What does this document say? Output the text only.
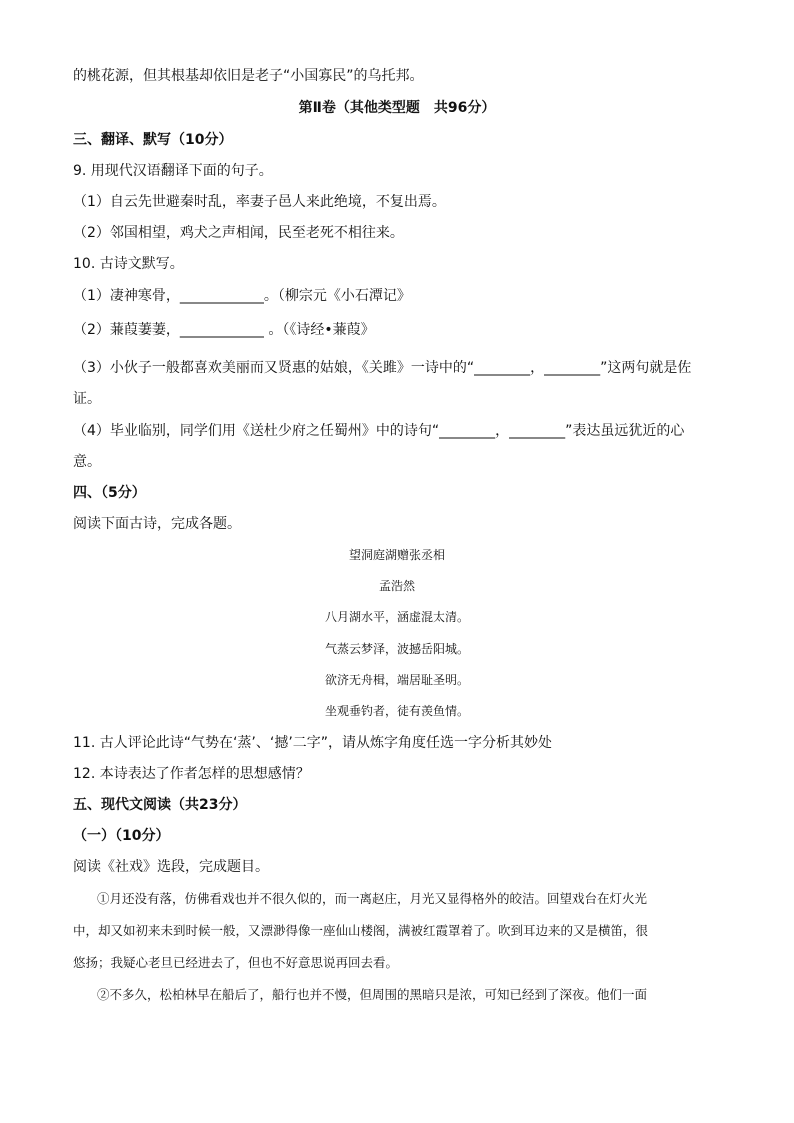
的桃花源，但其根基却依旧是老子“小国寡民”的乌托邦。
第Ⅱ卷（其他类型题　共96分）
三、翻译、默写（10分）
9. 用现代汉语翻译下面的句子。
（1）自云先世避秦时乱，率妻子邑人来此绝境，不复出焉。
（2）邻国相望，鸡犬之声相闻，民至老死不相往来。
10. 古诗文默写。
（1）凄神寒骨，____________。（柳宗元《小石潭记》
（2）蒹葭萋萋，____________ 。（《诗经•蒹葭》
（3）小伙子一般都喜欢美丽而又贤惠的姑娘，《关雎》一诗中的“________，________”这两句就是佐
证。
（4）毕业临别，同学们用《送杜少府之任蜀州》中的诗句“________，________”表达虽远犹近的心
意。
四、（5分）
阅读下面古诗，完成各题。
望洞庭湖赠张丞相
孟浩然
八月湖水平，涵虚混太清。
气蒸云梦泽，波撼岳阳城。
欲济无舟楫，端居耻圣明。
坐观垂钓者，徒有羡鱼情。
11. 古人评论此诗“气势在‘蒸’、‘撼’二字”，请从炼字角度任选一字分析其妙处
12. 本诗表达了作者怎样的思想感情？
五、现代文阅读（共23分）
（一）（10分）
阅读《社戏》选段，完成题目。
①月还没有落，仿佛看戏也并不很久似的，而一离赵庄，月光又显得格外的皎洁。回望戏台在灯火光
中，却又如初来未到时候一般，又漂渺得像一座仙山楼阁，满被红霞罩着了。吹到耳边来的又是横笛，很
悠扬；我疑心老旦已经进去了，但也不好意思说再回去看。
②不多久，松柏林早在船后了，船行也并不慢，但周围的黑暗只是浓，可知已经到了深夜。他们一面
